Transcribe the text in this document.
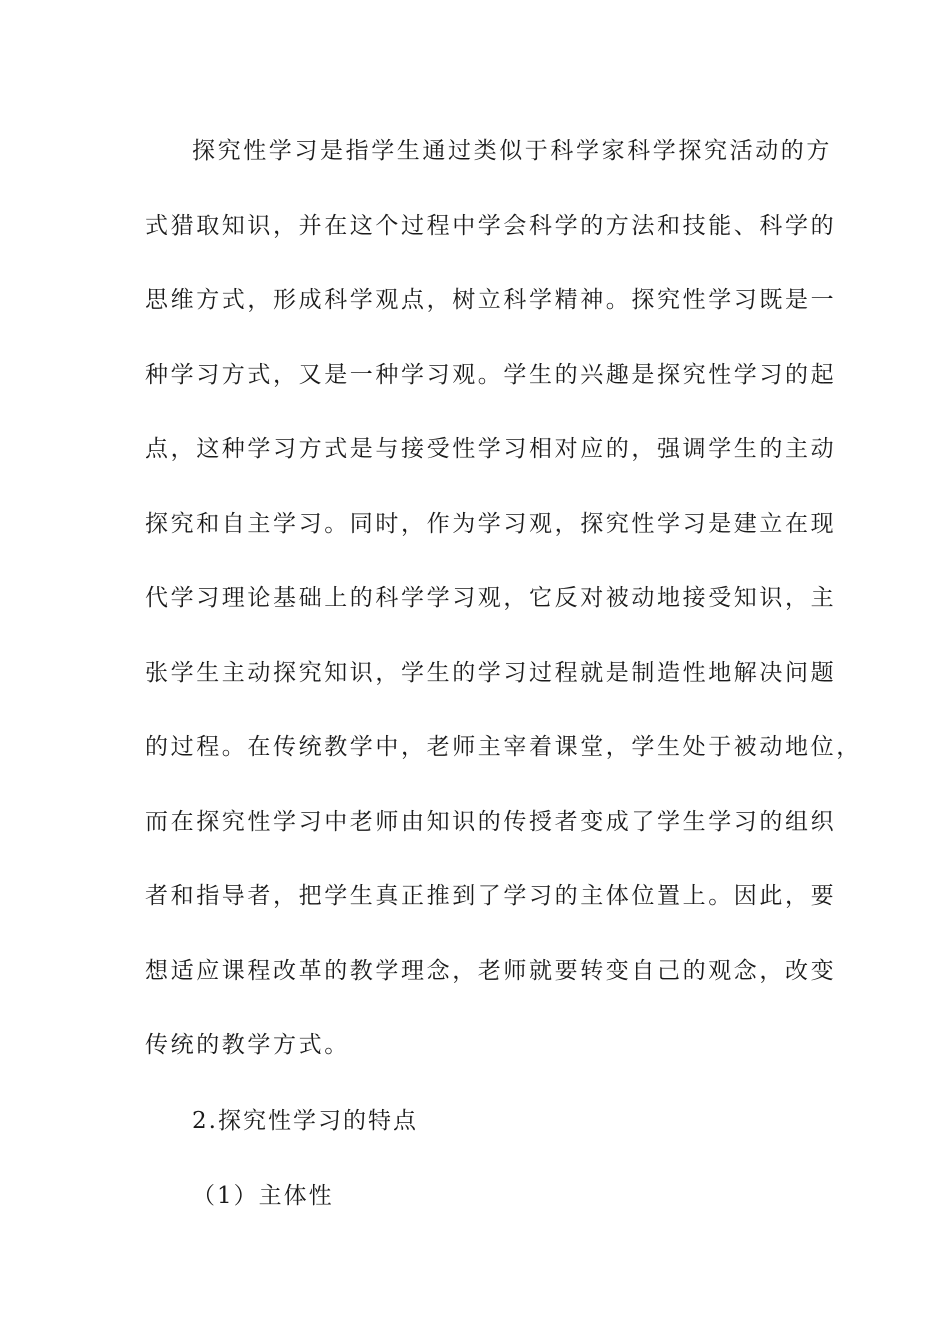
探究性学习是指学生通过类似于科学家科学探究活动的方
式猎取知识，并在这个过程中学会科学的方法和技能、科学的
思维方式，形成科学观点，树立科学精神。探究性学习既是一
种学习方式，又是一种学习观。学生的兴趣是探究性学习的起
点，这种学习方式是与接受性学习相对应的，强调学生的主动
探究和自主学习。同时，作为学习观，探究性学习是建立在现
代学习理论基础上的科学学习观，它反对被动地接受知识，主
张学生主动探究知识，学生的学习过程就是制造性地解决问题
的过程。在传统教学中，老师主宰着课堂，学生处于被动地位，
而在探究性学习中老师由知识的传授者变成了学生学习的组织
者和指导者，把学生真正推到了学习的主体位置上。因此，要
想适应课程改革的教学理念，老师就要转变自己的观念，改变
传统的教学方式。
2.探究性学习的特点
（1）主体性
